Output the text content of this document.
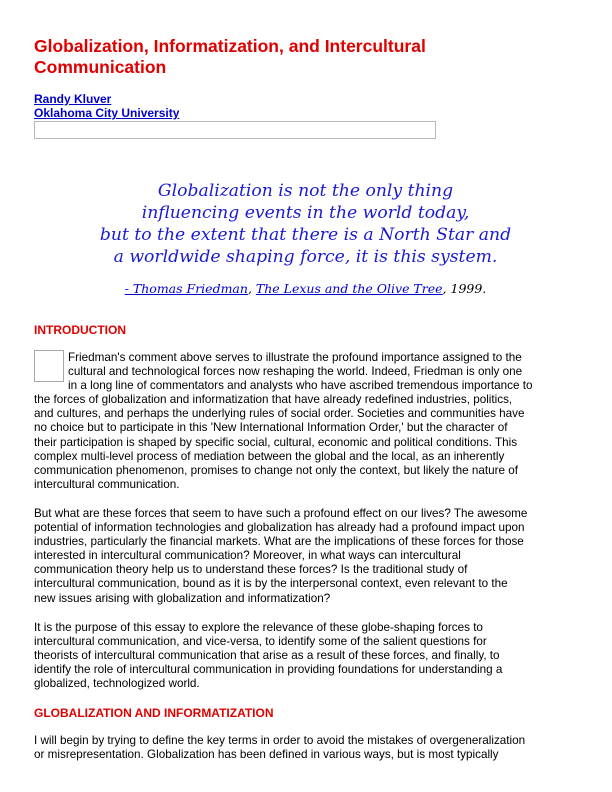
Globalization, Informatization, and Intercultural
Communication
Randy Kluver
Oklahoma City University
Globalization is not the only thing
influencing events in the world today,
but to the extent that there is a North Star and
a worldwide shaping force, it is this system.
- Thomas Friedman, The Lexus and the Olive Tree, 1999.
INTRODUCTION
Friedman's comment above serves to illustrate the profound importance assigned to the
cultural and technological forces now reshaping the world. Indeed, Friedman is only one
in a long line of commentators and analysts who have ascribed tremendous importance to
the forces of globalization and informatization that have already redefined industries, politics,
and cultures, and perhaps the underlying rules of social order. Societies and communities have
no choice but to participate in this 'New International Information Order,' but the character of
their participation is shaped by specific social, cultural, economic and political conditions. This
complex multi-level process of mediation between the global and the local, as an inherently
communication phenomenon, promises to change not only the context, but likely the nature of
intercultural communication.
But what are these forces that seem to have such a profound effect on our lives? The awesome
potential of information technologies and globalization has already had a profound impact upon
industries, particularly the financial markets. What are the implications of these forces for those
interested in intercultural communication? Moreover, in what ways can intercultural
communication theory help us to understand these forces? Is the traditional study of
intercultural communication, bound as it is by the interpersonal context, even relevant to the
new issues arising with globalization and informatization?
It is the purpose of this essay to explore the relevance of these globe-shaping forces to
intercultural communication, and vice-versa, to identify some of the salient questions for
theorists of intercultural communication that arise as a result of these forces, and finally, to
identify the role of intercultural communication in providing foundations for understanding a
globalized, technologized world.
GLOBALIZATION AND INFORMATIZATION
I will begin by trying to define the key terms in order to avoid the mistakes of overgeneralization
or misrepresentation. Globalization has been defined in various ways, but is most typically
